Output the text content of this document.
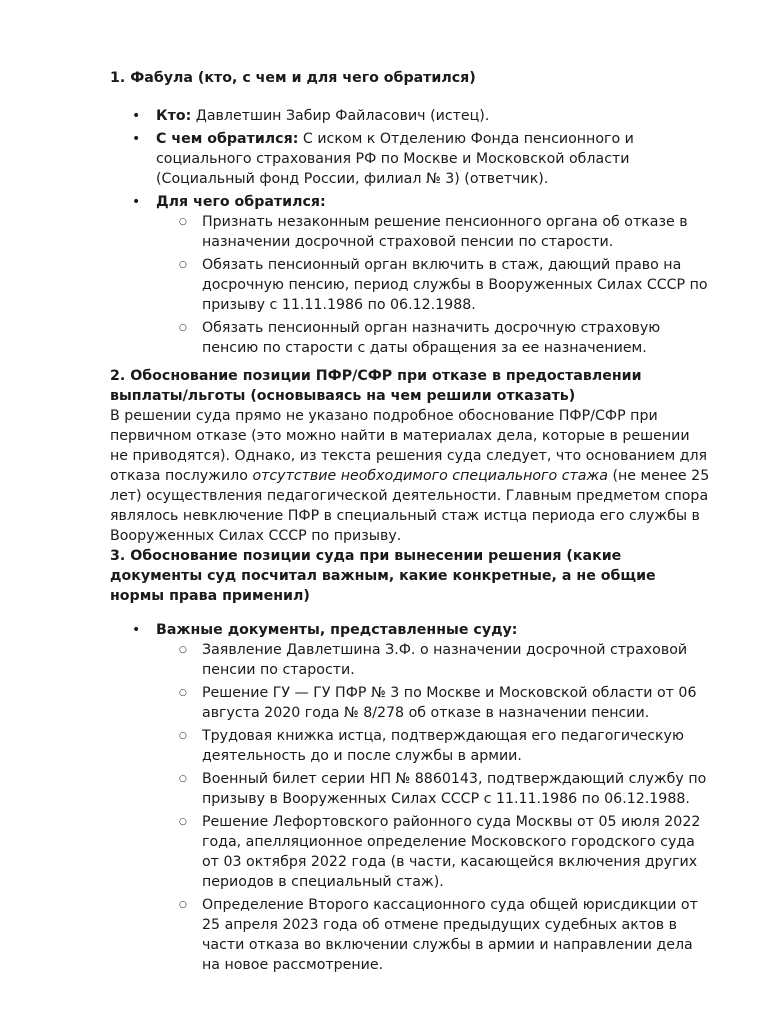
1. Фабула (кто, с чем и для чего обратился)

• Кто: Давлетшин Забир Файласович (истец).
• С чем обратился: С иском к Отделению Фонда пенсионного и социального страхования РФ по Москве и Московской области (Социальный фонд России, филиал № 3) (ответчик).
• Для чего обратился:
○ Признать незаконным решение пенсионного органа об отказе в назначении досрочной страховой пенсии по старости.
○ Обязать пенсионный орган включить в стаж, дающий право на досрочную пенсию, период службы в Вооруженных Силах СССР по призыву с 11.11.1986 по 06.12.1988.
○ Обязать пенсионный орган назначить досрочную страховую пенсию по старости с даты обращения за ее назначением.

2. Обоснование позиции ПФР/СФР при отказе в предоставлении выплаты/льготы (основываясь на чем решили отказать)

В решении суда прямо не указано подробное обоснование ПФР/СФР при первичном отказе (это можно найти в материалах дела, которые в решении не приводятся). Однако, из текста решения суда следует, что основанием для отказа послужило отсутствие необходимого специального стажа (не менее 25 лет) осуществления педагогической деятельности. Главным предметом спора являлось невключение ПФР в специальный стаж истца периода его службы в Вооруженных Силах СССР по призыву.

3. Обоснование позиции суда при вынесении решения (какие документы суд посчитал важным, какие конкретные, а не общие нормы права применил)

• Важные документы, представленные суду:
○ Заявление Давлетшина З.Ф. о назначении досрочной страховой пенсии по старости.
○ Решение ГУ — ГУ ПФР № 3 по Москве и Московской области от 06 августа 2020 года № 8/278 об отказе в назначении пенсии.
○ Трудовая книжка истца, подтверждающая его педагогическую деятельность до и после службы в армии.
○ Военный билет серии НП № 8860143, подтверждающий службу по призыву в Вооруженных Силах СССР с 11.11.1986 по 06.12.1988.
○ Решение Лефортовского районного суда Москвы от 05 июля 2022 года, апелляционное определение Московского городского суда от 03 октября 2022 года (в части, касающейся включения других периодов в специальный стаж).
○ Определение Второго кассационного суда общей юрисдикции от 25 апреля 2023 года об отмене предыдущих судебных актов в части отказа во включении службы в армии и направлении дела на новое рассмотрение.
